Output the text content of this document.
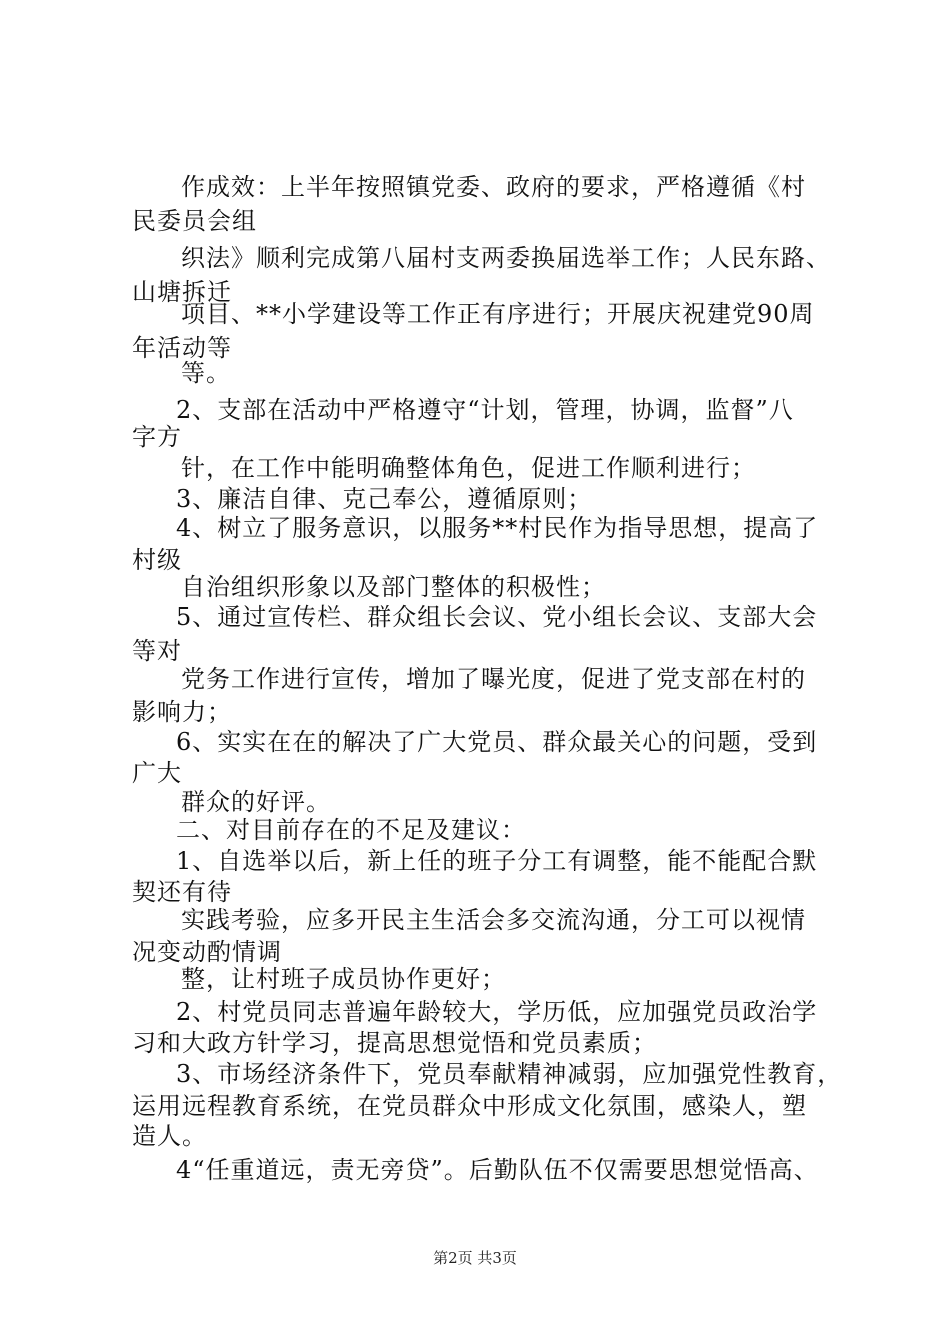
作成效：上半年按照镇党委、政府的要求，严格遵循《村
民委员会组
织法》顺利完成第八届村支两委换届选举工作；人民东路、
山塘拆迁
项目、**小学建设等工作正有序进行；开展庆祝建党90周
年活动等
等。
2、支部在活动中严格遵守“计划，管理，协调，监督”八
字方
针，在工作中能明确整体角色，促进工作顺利进行；
3、廉洁自律、克己奉公，遵循原则；
4、树立了服务意识，以服务**村民作为指导思想，提高了
村级
自治组织形象以及部门整体的积极性；
5、通过宣传栏、群众组长会议、党小组长会议、支部大会
等对
党务工作进行宣传，增加了曝光度，促进了党支部在村的
影响力；
6、实实在在的解决了广大党员、群众最关心的问题，受到
广大
群众的好评。
二、对目前存在的不足及建议：
1、自选举以后，新上任的班子分工有调整，能不能配合默
契还有待
实践考验，应多开民主生活会多交流沟通，分工可以视情
况变动酌情调
整，让村班子成员协作更好；
2、村党员同志普遍年龄较大，学历低，应加强党员政治学
习和大政方针学习，提高思想觉悟和党员素质；
3、市场经济条件下，党员奉献精神减弱，应加强党性教育，
运用远程教育系统，在党员群众中形成文化氛围，感染人，塑
造人。
4“任重道远，责无旁贷”。后勤队伍不仅需要思想觉悟高、
第2页 共3页
